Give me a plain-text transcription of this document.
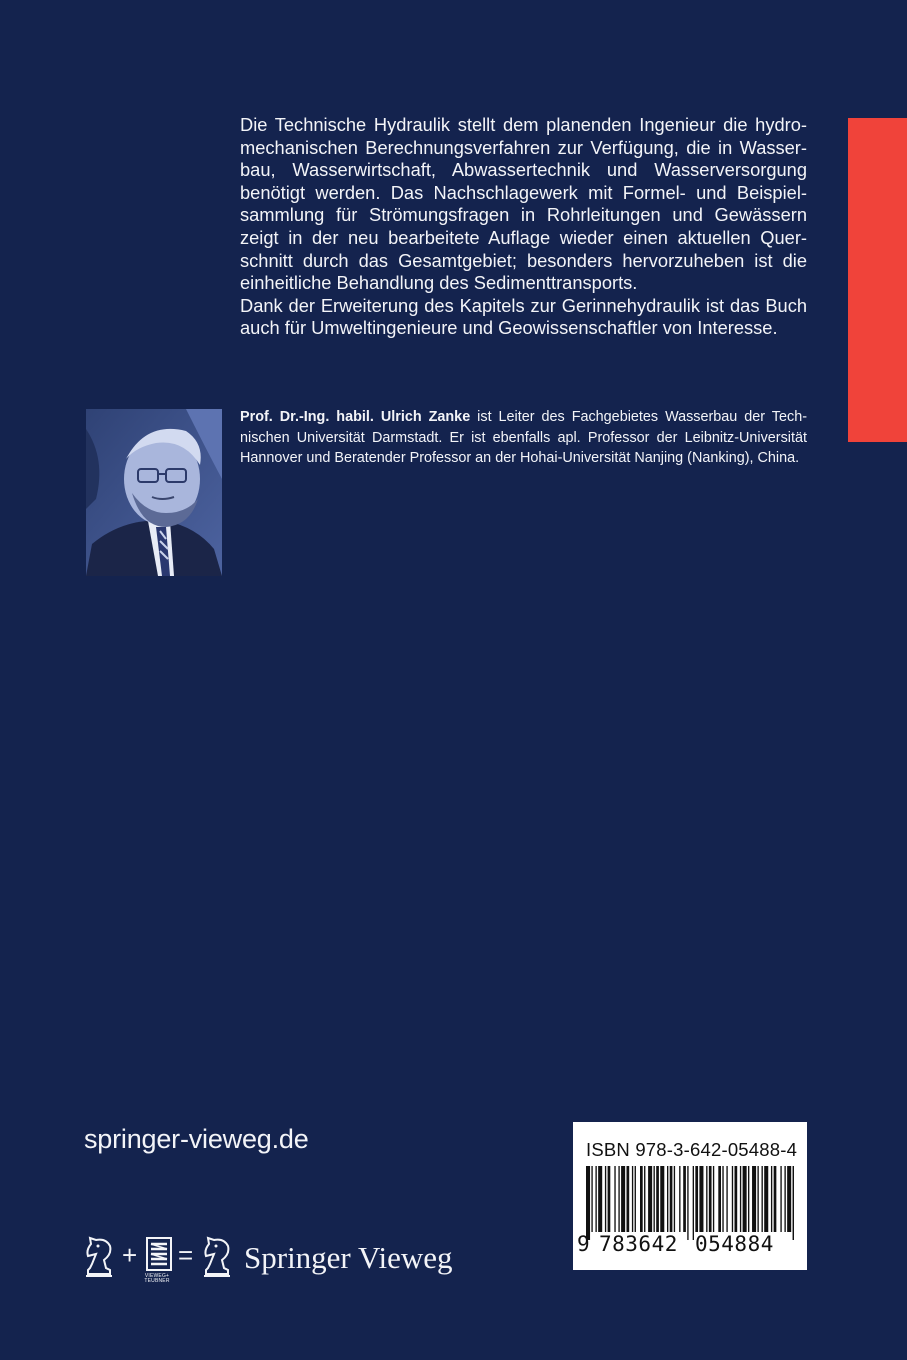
Die Technische Hydraulik stellt dem planenden Ingenieur die hydromechanischen Berechnungsverfahren zur Verfügung, die in Wasserbau, Wasserwirtschaft, Abwassertechnik und Wasserversorgung benötigt werden. Das Nachschlagewerk mit Formel- und Beispielsammlung für Strömungsfragen in Rohrleitungen und Gewässern zeigt in der neu bearbeitete Auflage wieder einen aktuellen Querschnitt durch das Gesamtgebiet; besonders hervorzuheben ist die einheitliche Behandlung des Sedimenttransports.

Dank der Erweiterung des Kapitels zur Gerinnehydraulik ist das Buch auch für Umweltingenieure und Geowissenschaftler von Interesse.

Prof. Dr.-Ing. habil. Ulrich Zanke ist Leiter des Fachgebietes Wasserbau der Technischen Universität Darmstadt. Er ist ebenfalls apl. Professor der Leibnitz-Universität Hannover und Beratender Professor an der Hohai-Universität Nanjing (Nanking), China.
springer-vieweg.de	ISBN 978-3-642-05488-4
9 783642 054884
+
VIEWEG+ TEUBNER
= Springer Vieweg
